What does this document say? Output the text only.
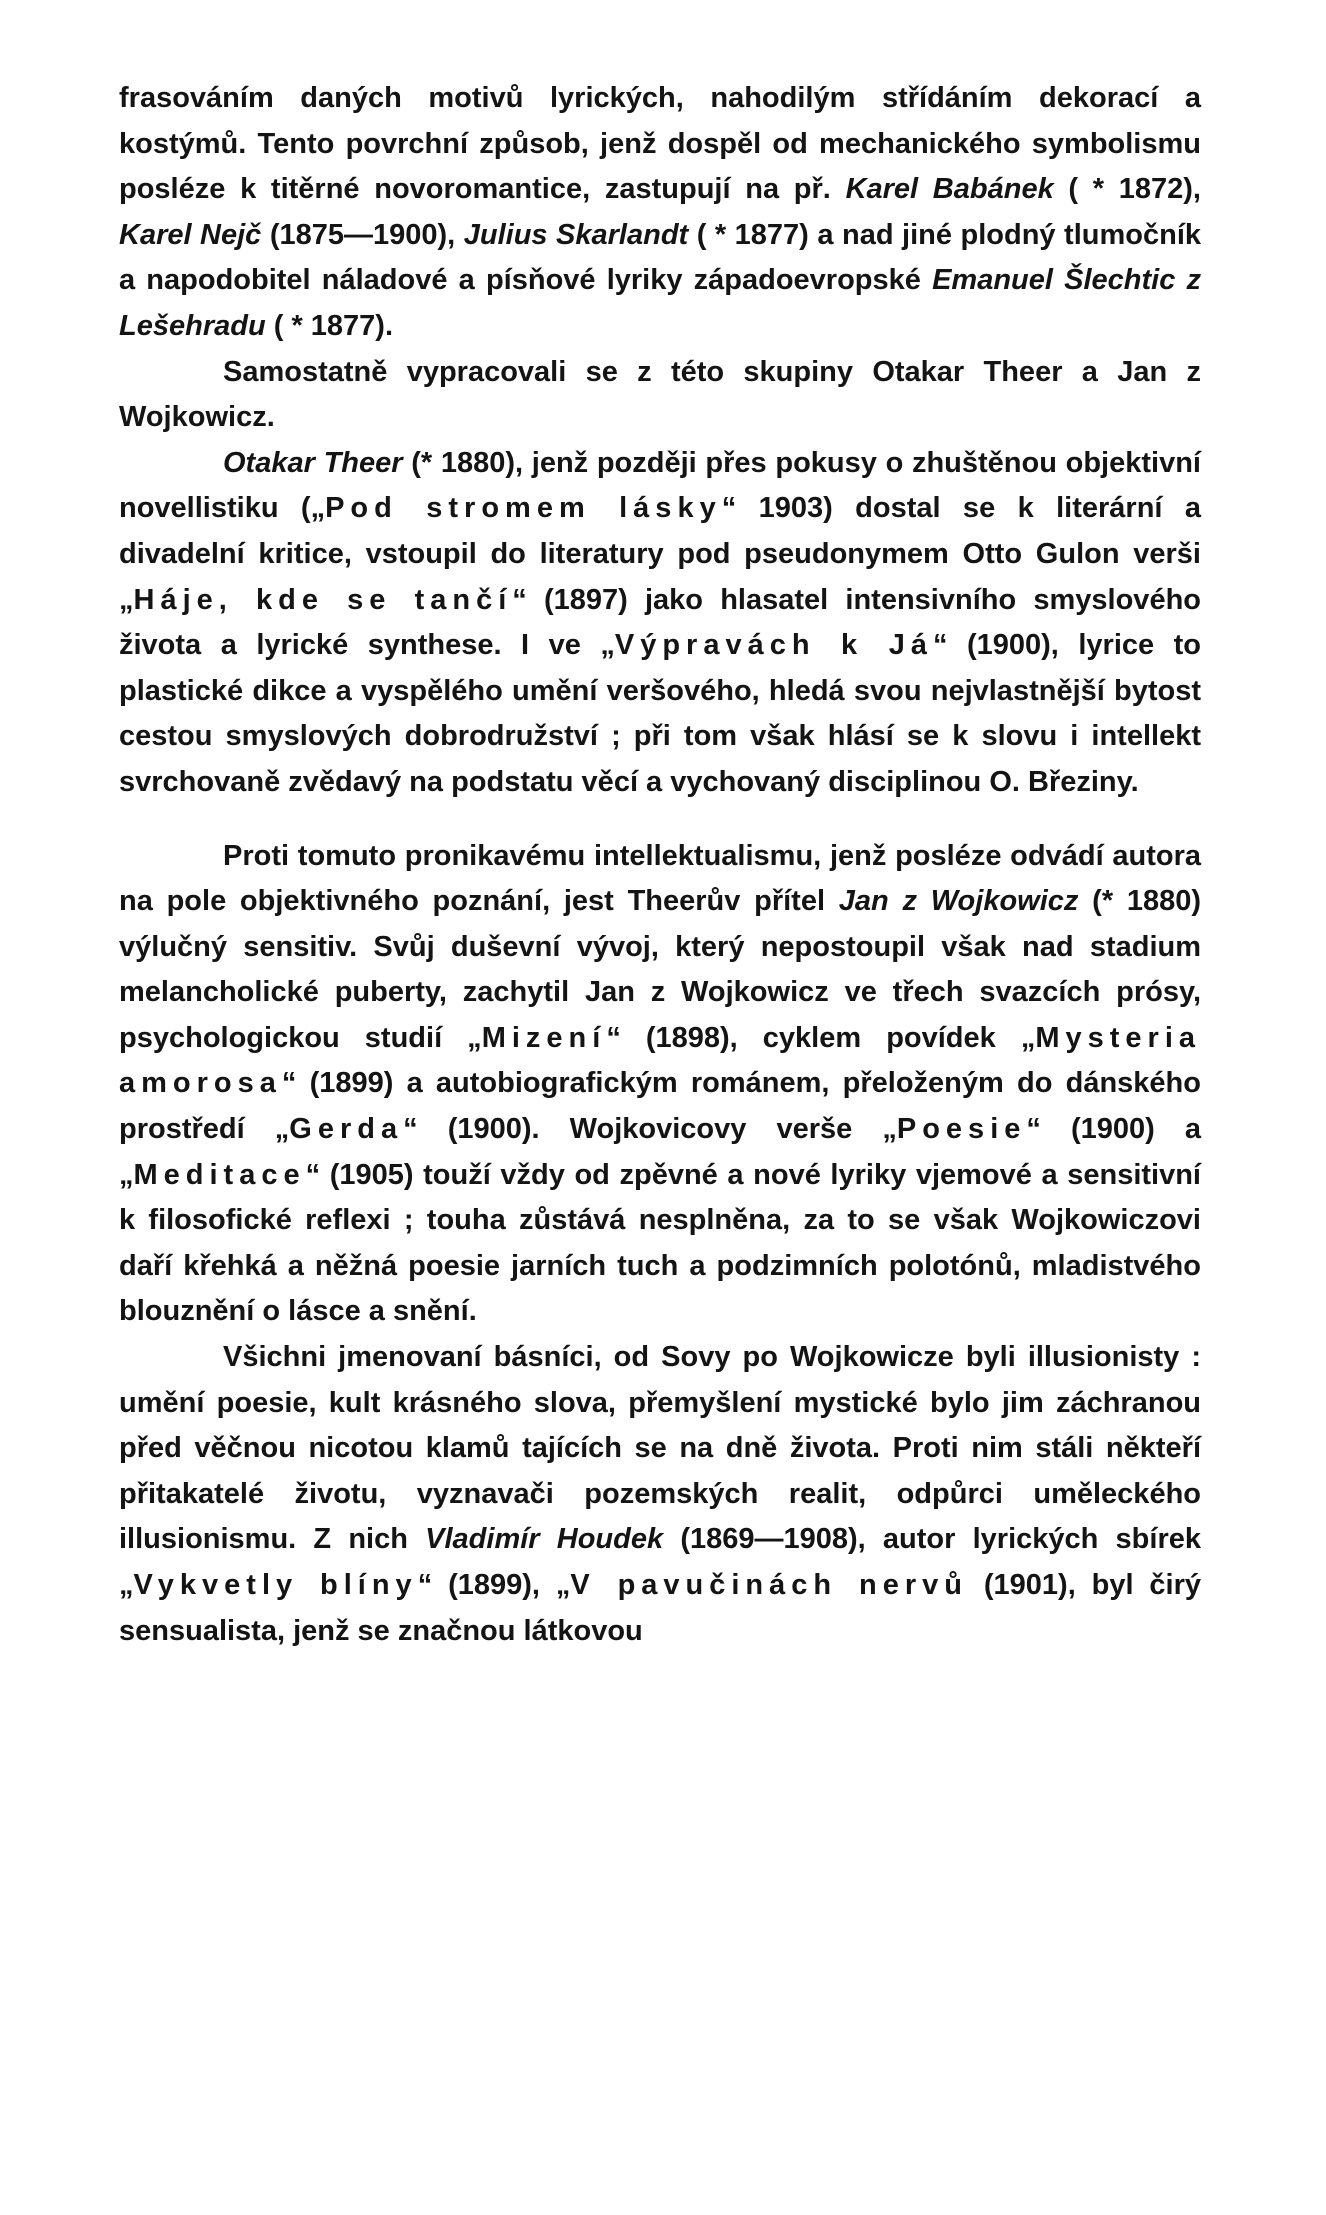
frasováním daných motivů lyrických, nahodilým střídáním dekorací a kostýmů. Tento povrchní způsob, jenž dospěl od mechanického symbolismu posléze k titěrné novoromantice, zastupují na př. Karel Babánek ( * 1872), Karel Nejč (1875—1900), Julius Skarlandt ( * 1877) a nad jiné plodný tlumočník a napodobitel náladové a písňové lyriky západoevropské Emanuel Šlechtic z Lešehradu ( * 1877).

Samostatně vypracovali se z této skupiny Otakar Theer a Jan z Wojkowicz.

Otakar Theer (* 1880), jenž později přes pokusy o zhuštěnou objektivní novellistiku („Pod stromem lásky“ 1903) dostal se k literární a divadelní kritice, vstoupil do literatury pod pseudonymem Otto Gulon verši „Háje, kde se tančí“ (1897) jako hlasatel intensivního smyslového života a lyrické synthese. I ve „Výpravách k Já“ (1900), lyrice to plastické dikce a vyspělého umění veršového, hledá svou nejvlastnější bytost cestou smyslových dobrodružství ; při tom však hlásí se k slovu i intellekt svrchovaně zvědavý na podstatu věcí a vychovaný disciplinou O. Březiny.

Proti tomuto pronikavému intellektualismu, jenž posléze odvádí autora na pole objektivného poznání, jest Theerův přítel Jan z Wojkowicz (* 1880) výlučný sensitiv. Svůj duševní vývoj, který nepostoupil však nad stadium melancholické puberty, zachytil Jan z Wojkowicz ve třech svazcích prósy, psychologickou studií „Mizení“ (1898), cyklem povídek „Mysteria amorosa“ (1899) a autobiografickým románem, přeloženým do dánského prostředí „Gerda“ (1900). Wojkovicovy verše „Poesie“ (1900) a „Meditace“ (1905) touží vždy od zpěvné a nové lyriky vjemové a sensitivní k filosofické reflexi ; touha zůstává nesplněna, za to se však Wojkowiczovi daří křehká a něžná poesie jarních tuch a podzimních polotónů, mladistvého blouznění o lásce a snění.

Všichni jmenovaní básníci, od Sovy po Wojkowicze byli illusionisty : umění poesie, kult krásného slova, přemyšlení mystické bylo jim záchranou před věčnou nicotou klamů tajících se na dně života. Proti nim stáli někteří přitakatelé životu, vyznavači pozemských realit, odpůrci uměleckého illusionismu. Z nich Vladimír Houdek (1869—1908), autor lyrických sbírek „Vykvetly blíny“ (1899), „V pavučinách nervů (1901), byl čirý sensualista, jenž se značnou látkovou
